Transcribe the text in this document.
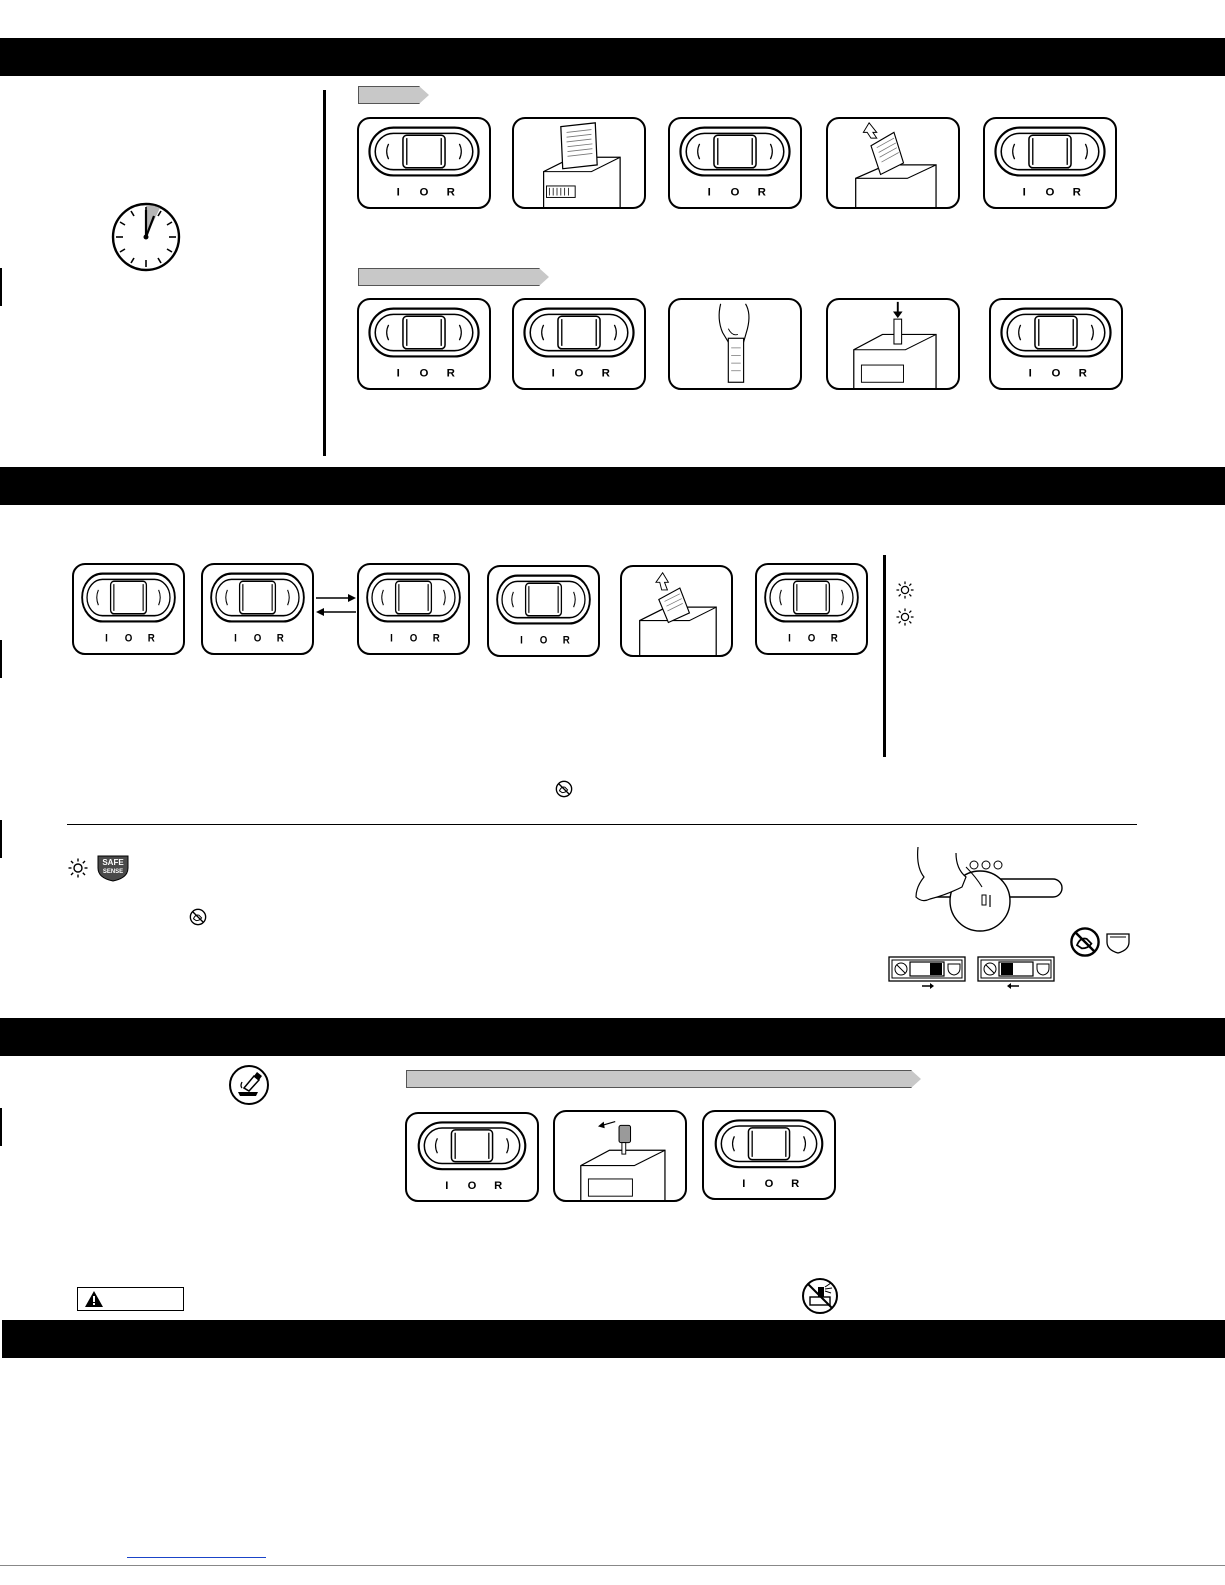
I O R	I O R	I O R
I O R	I O R	I O R
I O R	I O R	I O R	I O R	I O R
SAFE
SENSE
I O R	I O R
